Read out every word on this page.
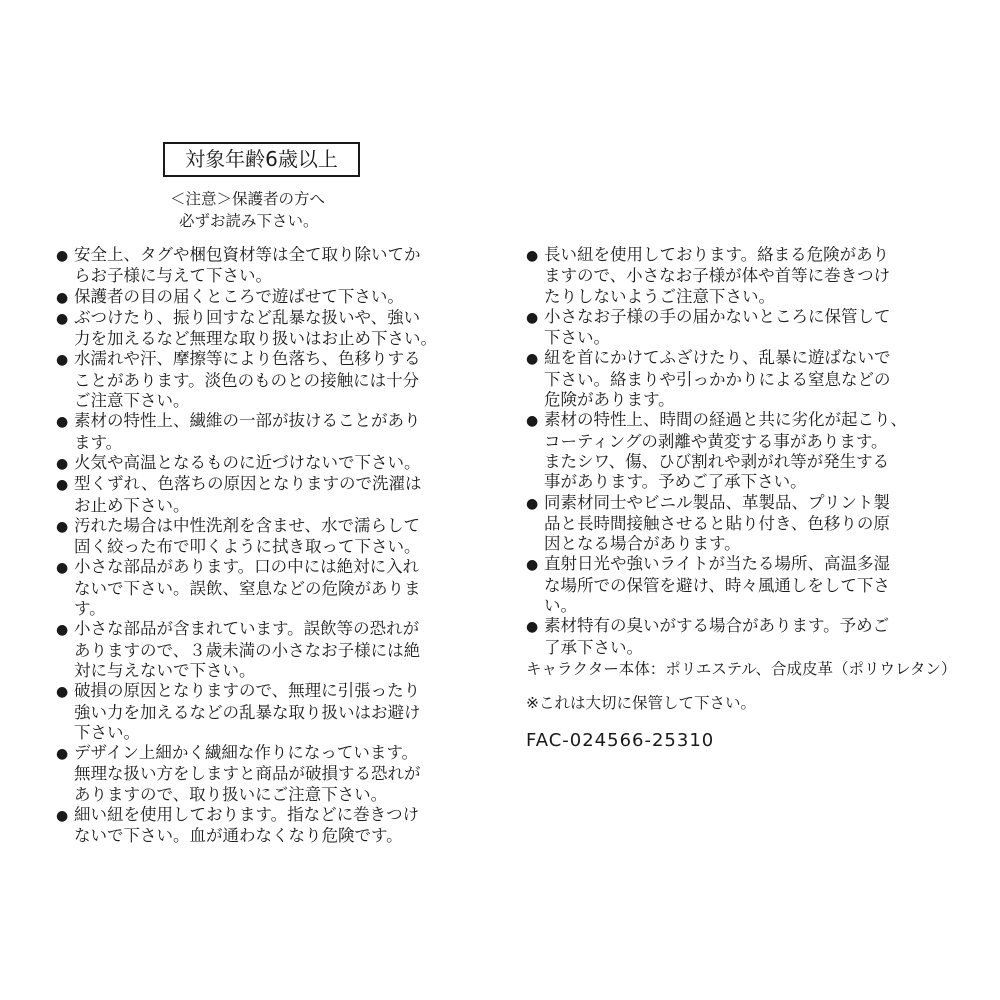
対象年齢6歳以上
＜注意＞保護者の方へ
必ずお読み下さい。
● 安全上、タグや梱包資材等は全て取り除いてか
らお子様に与えて下さい。
● 保護者の目の届くところで遊ばせて下さい。
● ぶつけたり、振り回すなど乱暴な扱いや、強い
力を加えるなど無理な取り扱いはお止め下さい。
● 水濡れや汗、摩擦等により色落ち、色移りする
ことがあります。淡色のものとの接触には十分
ご注意下さい。
● 素材の特性上、繊維の一部が抜けることがあり
ます。
● 火気や高温となるものに近づけないで下さい。
● 型くずれ、色落ちの原因となりますので洗濯は
お止め下さい。
● 汚れた場合は中性洗剤を含ませ、水で濡らして
固く絞った布で叩くように拭き取って下さい。
● 小さな部品があります。口の中には絶対に入れ
ないで下さい。誤飲、窒息などの危険がありま
す。
● 小さな部品が含まれています。誤飲等の恐れが
ありますので、３歳未満の小さなお子様には絶
対に与えないで下さい。
● 破損の原因となりますので、無理に引張ったり
強い力を加えるなどの乱暴な取り扱いはお避け
下さい。
● デザイン上細かく繊細な作りになっています。
無理な扱い方をしますと商品が破損する恐れが
ありますので、取り扱いにご注意下さい。
● 細い紐を使用しております。指などに巻きつけ
ないで下さい。血が通わなくなり危険です。
● 長い紐を使用しております。絡まる危険があり
ますので、小さなお子様が体や首等に巻きつけ
たりしないようご注意下さい。
● 小さなお子様の手の届かないところに保管して
下さい。
● 紐を首にかけてふざけたり、乱暴に遊ばないで
下さい。絡まりや引っかかりによる窒息などの
危険があります。
● 素材の特性上、時間の経過と共に劣化が起こり、
コーティングの剥離や黄変する事があります。
またシワ、傷、ひび割れや剥がれ等が発生する
事があります。予めご了承下さい。
● 同素材同士やビニル製品、革製品、プリント製
品と長時間接触させると貼り付き、色移りの原
因となる場合があります。
● 直射日光や強いライトが当たる場所、高温多湿
な場所での保管を避け、時々風通しをして下さ
い。
● 素材特有の臭いがする場合があります。予めご
了承下さい。
キャラクター本体：ポリエステル、合成皮革（ポリウレタン）
※これは大切に保管して下さい。
FAC-024566-25310
